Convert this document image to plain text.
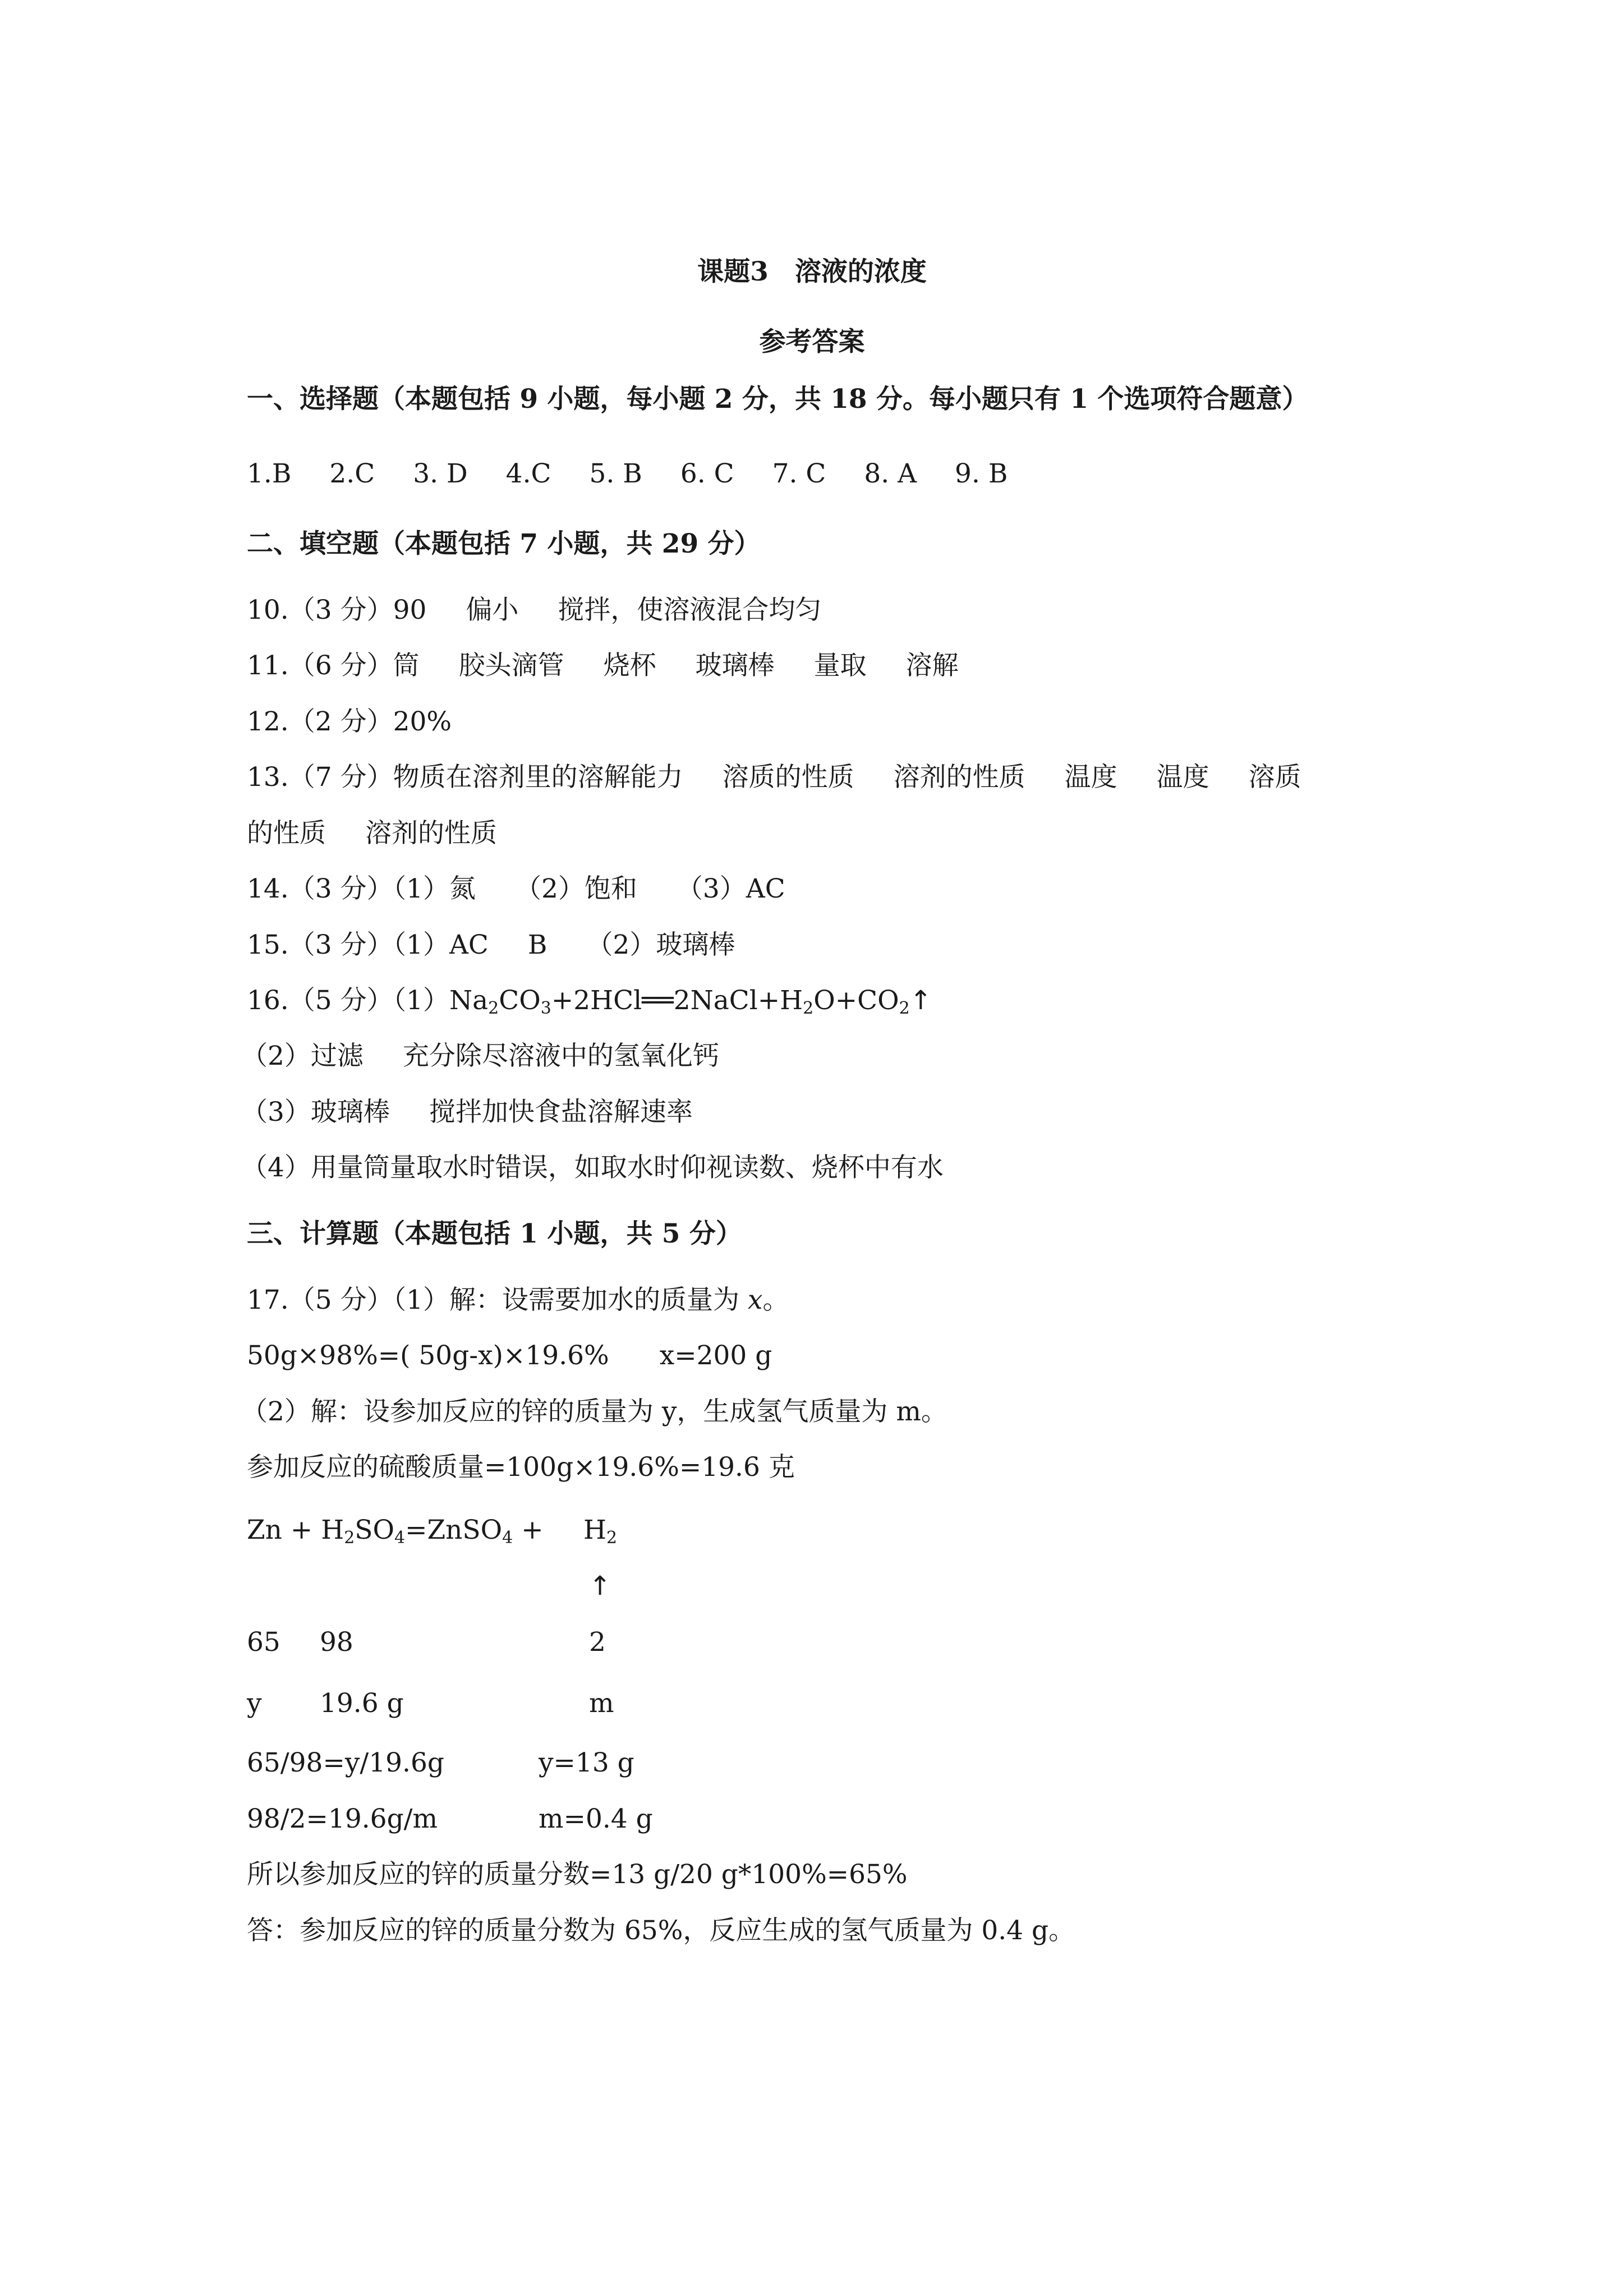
课题3　溶液的浓度
参考答案
一、选择题（本题包括 9 小题，每小题 2 分，共 18 分。每小题只有 1 个选项符合题意）
1.B 2.C 3. D 4.C 5. B 6. C 7. C 8. A 9. B
二、填空题（本题包括 7 小题，共 29 分）
10.（3 分）90 偏小 搅拌，使溶液混合均匀
11.（6 分）筒 胶头滴管 烧杯 玻璃棒 量取 溶解
12.（2 分）20%
13.（7 分）物质在溶剂里的溶解能力 溶质的性质 溶剂的性质 温度 温度 溶质
的性质 溶剂的性质
14.（3 分）（1）氮 （2）饱和 （3）AC
15.（3 分）（1）AC B （2）玻璃棒
16.（5 分）$(1)Na_2CO_3+2HCl══2NaCl+H_2O+CO_2↑$
（2）过滤 充分除尽溶液中的氢氧化钙
（3）玻璃棒 搅拌加快食盐溶解速率
（4）用量筒量取水时错误，如取水时仰视读数、烧杯中有水
三、计算题（本题包括 1 小题，共 5 分）
17.（5 分）（1）解：设需要加水的质量为 x。
50g×98%=( 50g-x)×19.6% x=200 g
（2）解：设参加反应的锌的质量为 y，生成氢气质量为 m。
参加反应的硫酸质量=100g×19.6%=19.6 克
$Zn + H_2SO_4=ZnSO_4 + H_2$
↑
65 98	2
y 19.6 g	m
65/98=y/19.6g	y=13 g
98/2=19.6g/m	m=0.4 g
所以参加反应的锌的质量分数=13 g/20 g*100%=65%
答：参加反应的锌的质量分数为 65%，反应生成的氢气质量为 0.4 g。
